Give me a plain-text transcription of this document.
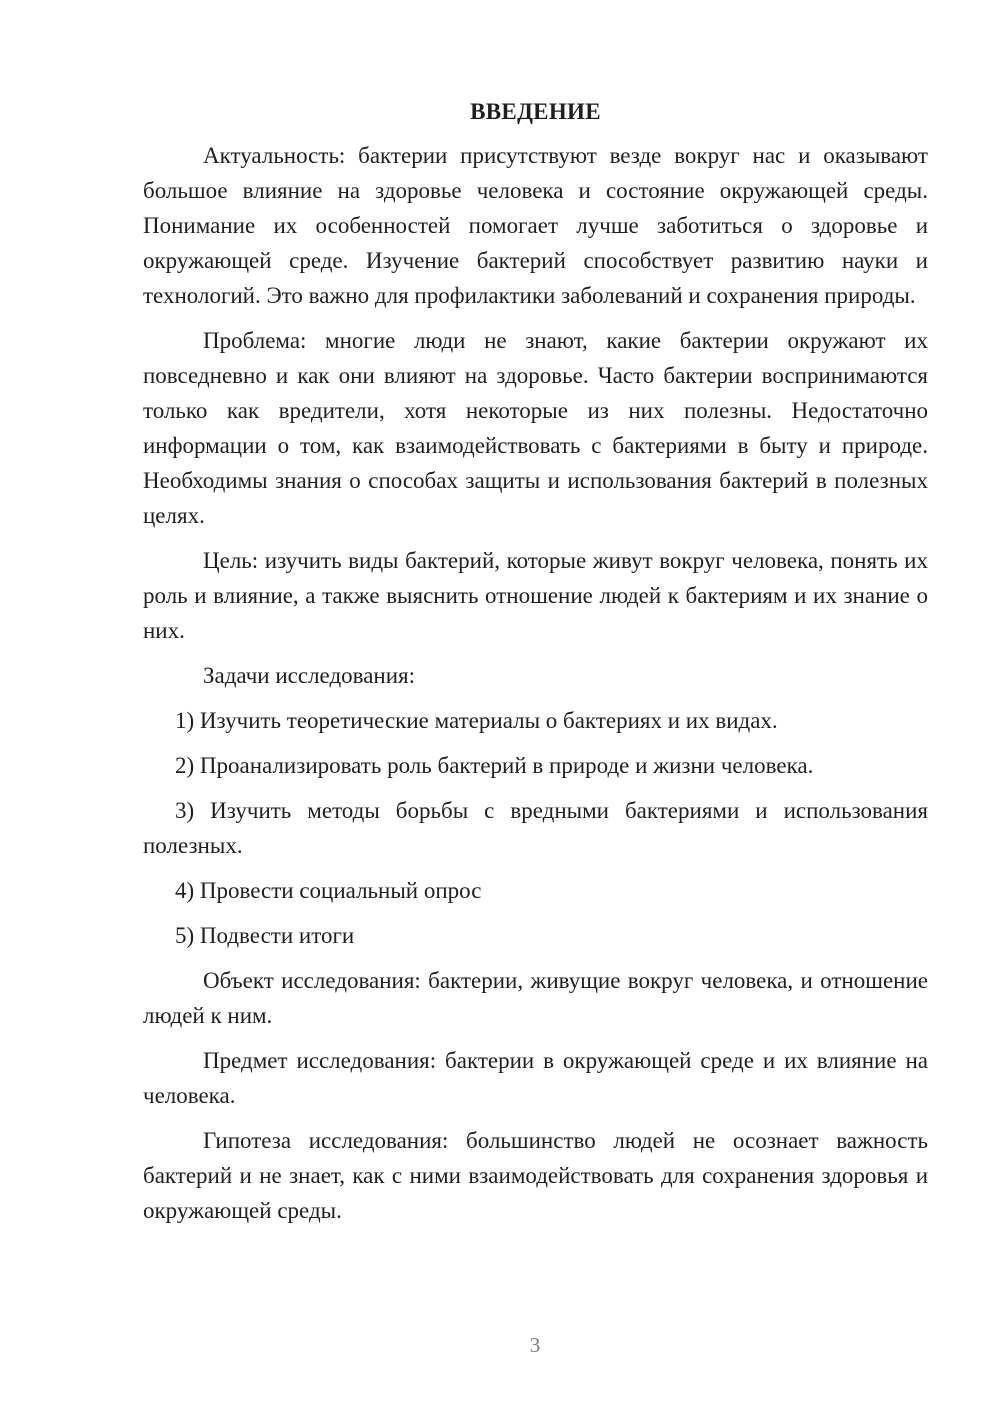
ВВЕДЕНИЕ

Актуальность: бактерии присутствуют везде вокруг нас и оказывают большое влияние на здоровье человека и состояние окружающей среды. Понимание их особенностей помогает лучше заботиться о здоровье и окружающей среде. Изучение бактерий способствует развитию науки и технологий. Это важно для профилактики заболеваний и сохранения природы.

Проблема: многие люди не знают, какие бактерии окружают их повседневно и как они влияют на здоровье. Часто бактерии воспринимаются только как вредители, хотя некоторые из них полезны. Недостаточно информации о том, как взаимодействовать с бактериями в быту и природе. Необходимы знания о способах защиты и использования бактерий в полезных целях.

Цель: изучить виды бактерий, которые живут вокруг человека, понять их роль и влияние, а также выяснить отношение людей к бактериям и их знание о них.

Задачи исследования:

1) Изучить теоретические материалы о бактериях и их видах.

2) Проанализировать роль бактерий в природе и жизни человека.

3) Изучить методы борьбы с вредными бактериями и использования полезных.

4) Провести социальный опрос

5) Подвести итоги

Объект исследования: бактерии, живущие вокруг человека, и отношение людей к ним.

Предмет исследования: бактерии в окружающей среде и их влияние на человека.

Гипотеза исследования: большинство людей не осознает важность бактерий и не знает, как с ними взаимодействовать для сохранения здоровья и окружающей среды.

3
